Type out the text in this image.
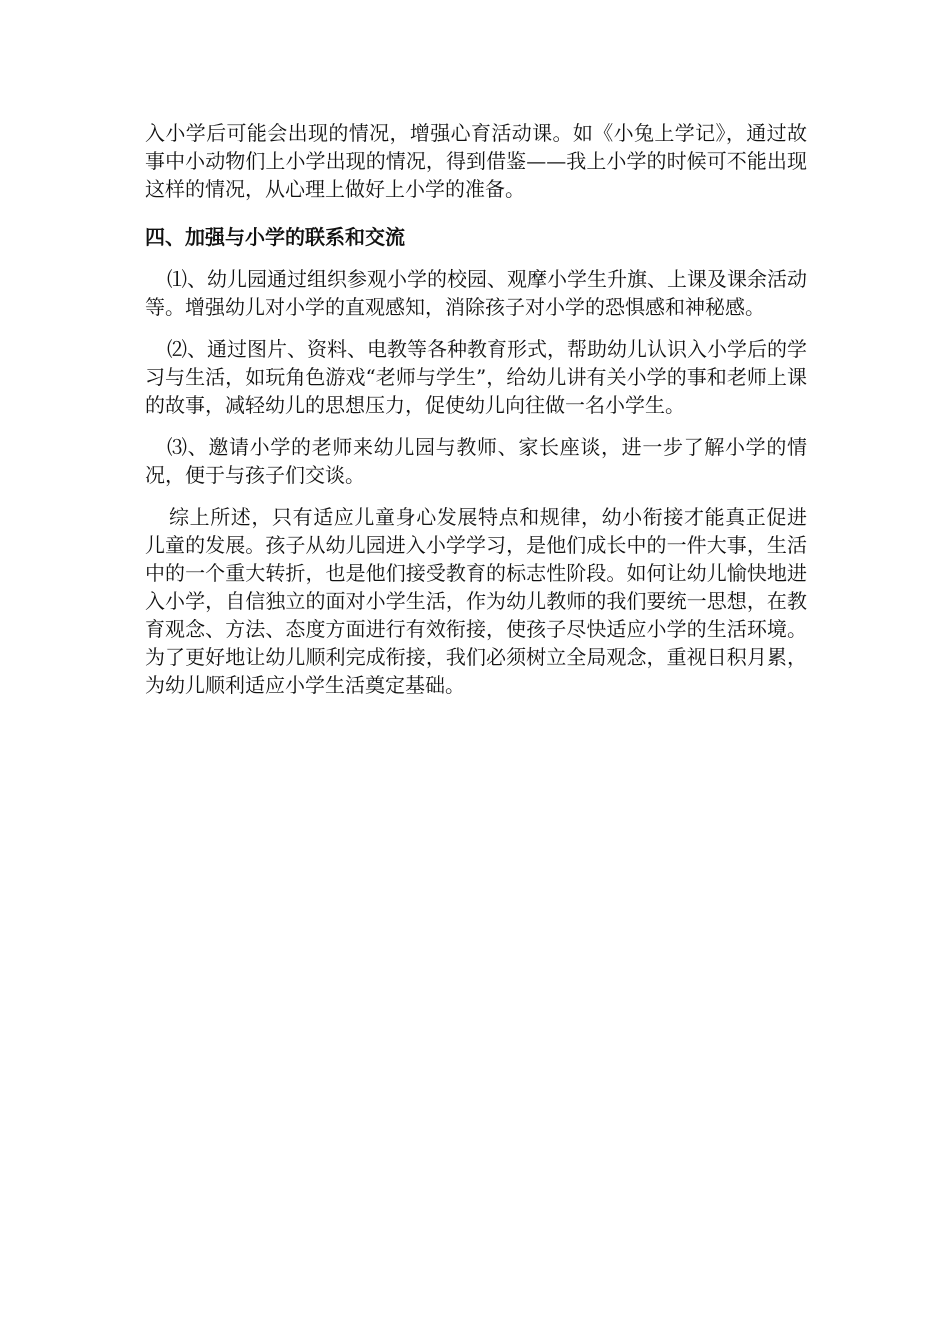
入小学后可能会出现的情况，增强心育活动课。如《小兔上学记》，通过故事中小动物们上小学出现的情况，得到借鉴——我上小学的时候可不能出现这样的情况，从心理上做好上小学的准备。

四、加强与小学的联系和交流

⑴、幼儿园通过组织参观小学的校园、观摩小学生升旗、上课及课余活动等。增强幼儿对小学的直观感知，消除孩子对小学的恐惧感和神秘感。

⑵、通过图片、资料、电教等各种教育形式，帮助幼儿认识入小学后的学习与生活，如玩角色游戏“老师与学生”，给幼儿讲有关小学的事和老师上课的故事，减轻幼儿的思想压力，促使幼儿向往做一名小学生。

⑶、邀请小学的老师来幼儿园与教师、家长座谈，进一步了解小学的情况，便于与孩子们交谈。

综上所述，只有适应儿童身心发展特点和规律，幼小衔接才能真正促进儿童的发展。孩子从幼儿园进入小学学习，是他们成长中的一件大事，生活中的一个重大转折，也是他们接受教育的标志性阶段。如何让幼儿愉快地进入小学，自信独立的面对小学生活，作为幼儿教师的我们要统一思想，在教育观念、方法、态度方面进行有效衔接，使孩子尽快适应小学的生活环境。为了更好地让幼儿顺利完成衔接，我们必须树立全局观念，重视日积月累，为幼儿顺利适应小学生活奠定基础。
